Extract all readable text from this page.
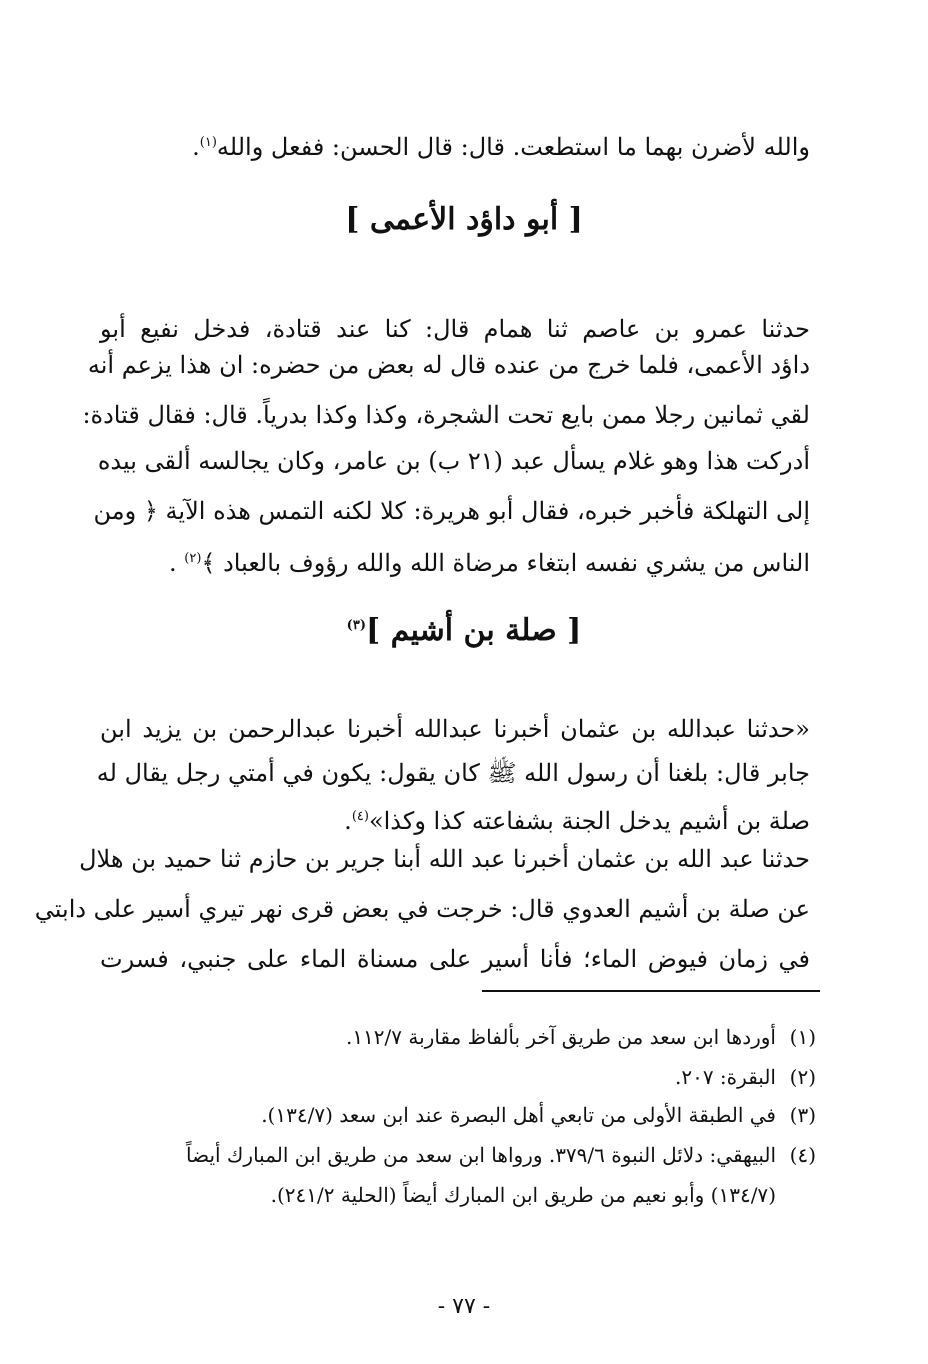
والله لأضرن بهما ما استطعت. قال: قال الحسن: ففعل والله$^{(١)}$.
[ أبو داؤد الأعمى ]
حدثنا عمرو بن عاصم ثنا همام قال: كنا عند قتادة، فدخل نفيع أبو
داؤد الأعمى، فلما خرج من عنده قال له بعض من حضره: ان هذا يزعم أنه
لقي ثمانين رجلا ممن بايع تحت الشجرة، وكذا وكذا بدرياً. قال: فقال قتادة:
أدركت هذا وهو غلام يسأل عبد (٢١ ب) بن عامر، وكان يجالسه ألقى بيده
إلى التهلكة فأخبر خبره، فقال أبو هريرة: كلا لكنه التمس هذه الآية ﴿ ومن
الناس من يشري نفسه ابتغاء مرضاة الله والله رؤوف بالعباد ﴾$^{(٢)}$ .
[ صلة بن أشيم ]$^{(٣)}$
«حدثنا عبدالله بن عثمان أخبرنا عبدالله أخبرنا عبدالرحمن بن يزيد ابن
جابر قال: بلغنا أن رسول الله ﷺ كان يقول: يكون في أمتي رجل يقال له
صلة بن أشيم يدخل الجنة بشفاعته كذا وكذا»$^{(٤)}$.
حدثنا عبد الله بن عثمان أخبرنا عبد الله أبنا جرير بن حازم ثنا حميد بن هلال
عن صلة بن أشيم العدوي قال: خرجت في بعض قرى نهر تيري أسير على دابتي
في زمان فيوض الماء؛ فأنا أسير على مسناة الماء على جنبي، فسرت
(١)أوردها ابن سعد من طريق آخر بألفاظ مقاربة ١١٢/٧.
(٢)البقرة: ٢٠٧.
(٣)في الطبقة الأولى من تابعي أهل البصرة عند ابن سعد (١٣٤/٧).
(٤)البيهقي: دلائل النبوة ٣٧٩/٦. ورواها ابن سعد من طريق ابن المبارك أيضاً
(١٣٤/٧) وأبو نعيم من طريق ابن المبارك أيضاً (الحلية ٢٤١/٢).
- ٧٧ -
